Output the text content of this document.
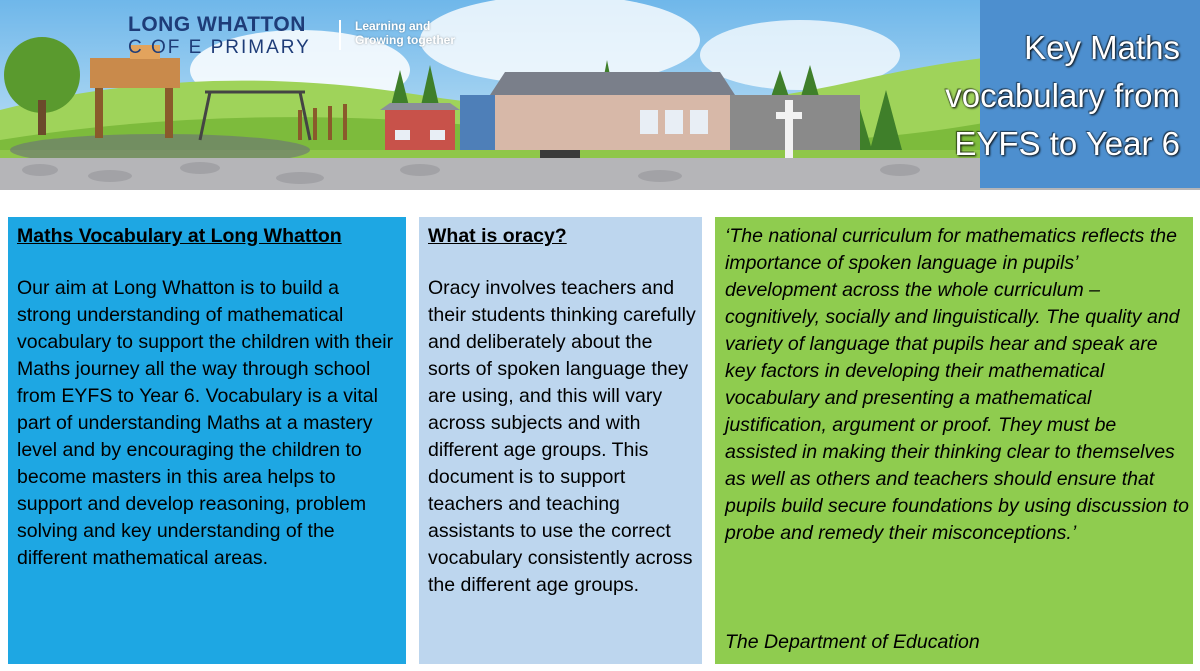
LONG WHATTON
C OF E PRIMARY
Learning and
Growing together	Key Maths
vocabulary from
EYFS to Year 6

Maths Vocabulary at Long Whatton

Our aim at Long Whatton is to build a strong understanding of mathematical vocabulary to support the children with their Maths journey all the way through school from EYFS to Year 6. Vocabulary is a vital part of understanding Maths at a mastery level and by encouraging the children to become masters in this area helps to support and develop reasoning, problem solving and key understanding of the different mathematical areas.

What is oracy?

Oracy involves teachers and their students thinking carefully and deliberately about the sorts of spoken language they are using, and this will vary across subjects and with different age groups. This document is to support teachers and teaching assistants to use the correct vocabulary consistently across the different age groups.

‘The national curriculum for mathematics reflects the importance of spoken language in pupils’ development across the whole curriculum – cognitively, socially and linguistically. The quality and variety of language that pupils hear and speak are key factors in developing their mathematical vocabulary and presenting a mathematical justification, argument or proof. They must be assisted in making their thinking clear to themselves as well as others and teachers should ensure that pupils build secure foundations by using discussion to probe and remedy their misconceptions.’

The Department of Education
